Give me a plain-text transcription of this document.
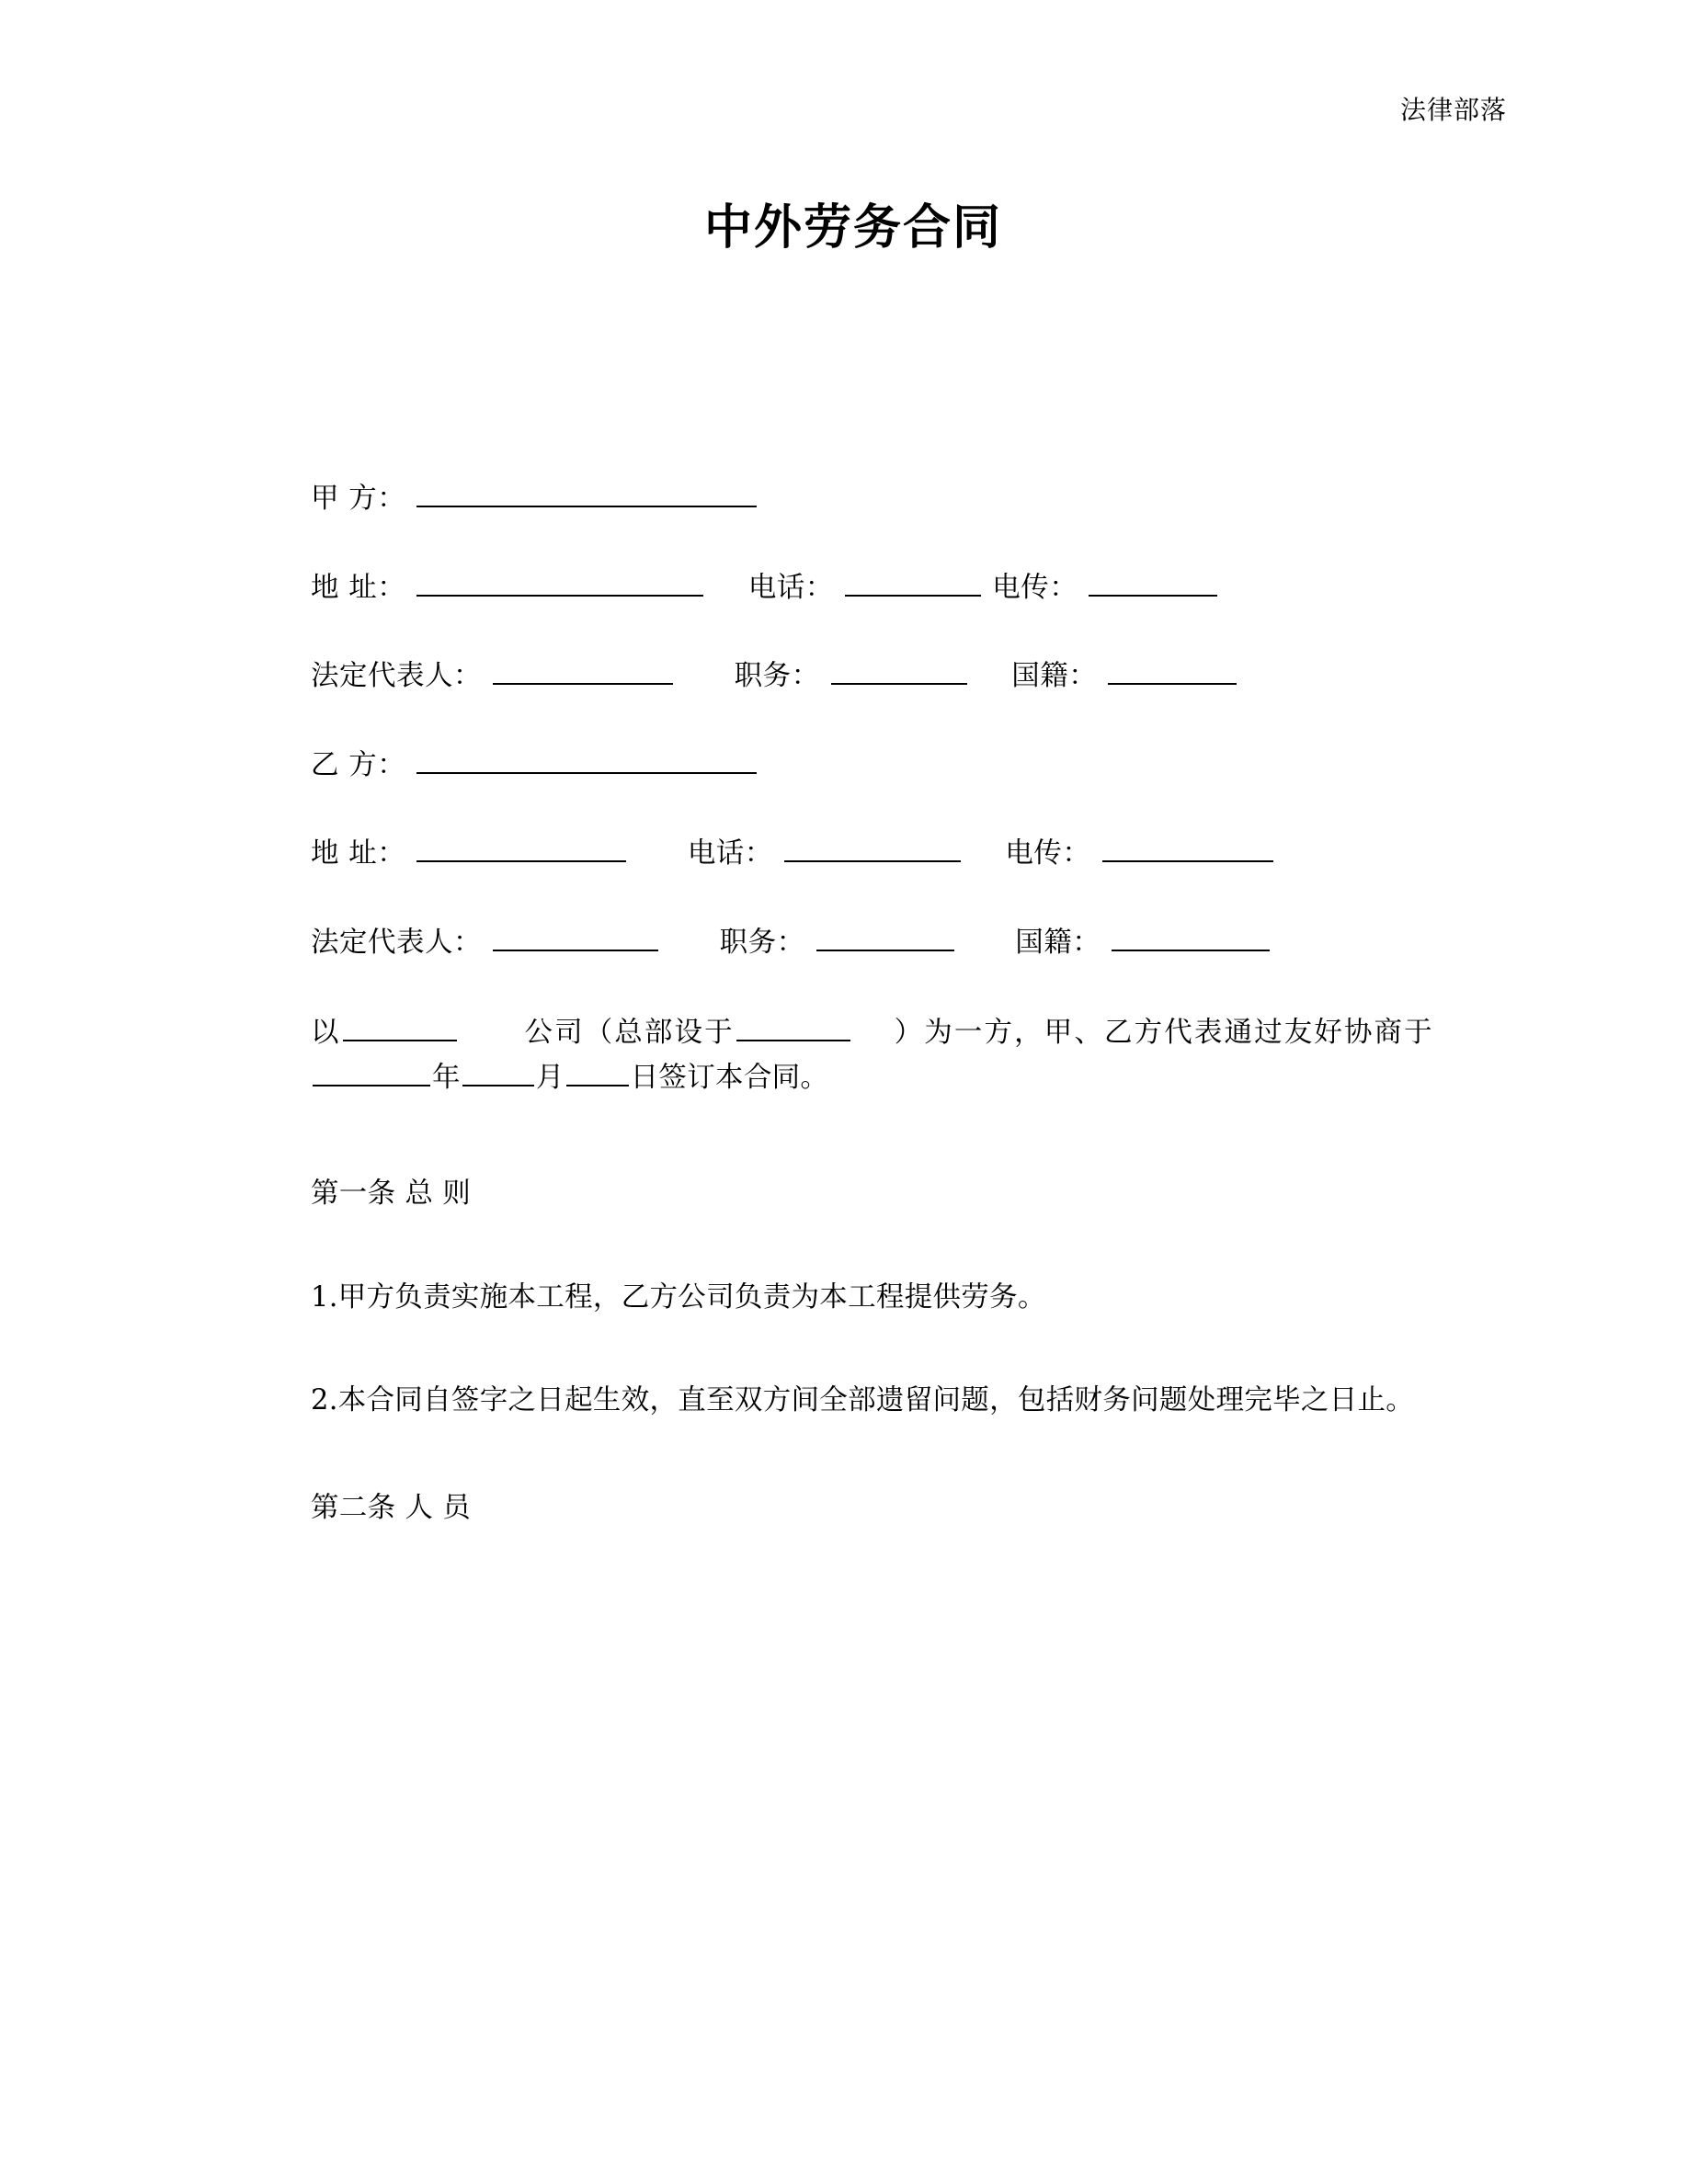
法律部落
中外劳务合同
甲 方：
地 址：	电话：	电传：
法定代表人：	职务：	国籍：
乙 方：
地 址：	电话：	电传：
法定代表人：	职务：	国籍：
以	公司（总部设于	）为一方，甲、乙方代表通过友好协商于年	月 日签订本合同。
第一条 总 则
1.甲方负责实施本工程，乙方公司负责为本工程提供劳务。
2.本合同自签字之日起生效，直至双方间全部遗留问题，包括财务问题处理完毕之日止。
第二条 人 员
